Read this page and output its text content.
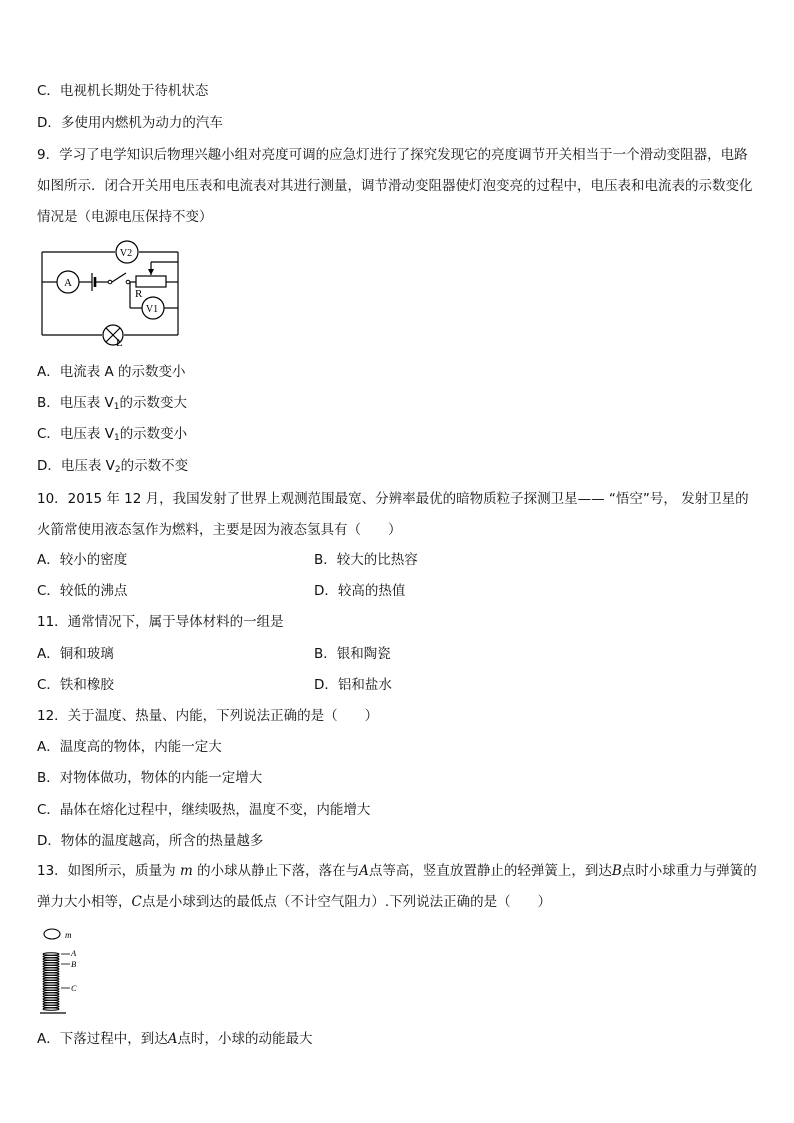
C．电视机长期处于待机状态
D．多使用内燃机为动力的汽车
9．学习了电学知识后物理兴趣小组对亮度可调的应急灯进行了探究发现它的亮度调节开关相当于一个滑动变阻器，电路如图所示．闭合开关用电压表和电流表对其进行测量，调节滑动变阻器使灯泡变亮的过程中，电压表和电流表的示数变化情况是（电源电压保持不变）
A
V2
V1
R
L
A．电流表 A 的示数变小
B．电压表 $V_1$的示数变大
C．电压表 $V_1$的示数变小
D．电压表 $V_2$的示数不变
10．2015 年 12 月，我国发射了世界上观测范围最宽、分辨率最优的暗物质粒子探测卫星—— “悟空”号， 发射卫星的火箭常使用液态氢作为燃料，主要是因为液态氢具有（　　）
A．较小的密度	B．较大的比热容
C．较低的沸点	D．较高的热值
11．通常情况下，属于导体材料的一组是
A．铜和玻璃	B．银和陶瓷
C．铁和橡胶	D．铝和盐水
12．关于温度、热量、内能，下列说法正确的是（　　）
A．温度高的物体，内能一定大
B．对物体做功，物体的内能一定增大
C．晶体在熔化过程中，继续吸热，温度不变，内能增大
D．物体的温度越高，所含的热量越多
13．如图所示，质量为 m 的小球从静止下落，落在与A点等高，竖直放置静止的轻弹簧上，到达B点时小球重力与弹簧的弹力大小相等，C点是小球到达的最低点（不计空气阻力）.下列说法正确的是（　　）
m
A
B
C
A．下落过程中，到达A点时，小球的动能最大
